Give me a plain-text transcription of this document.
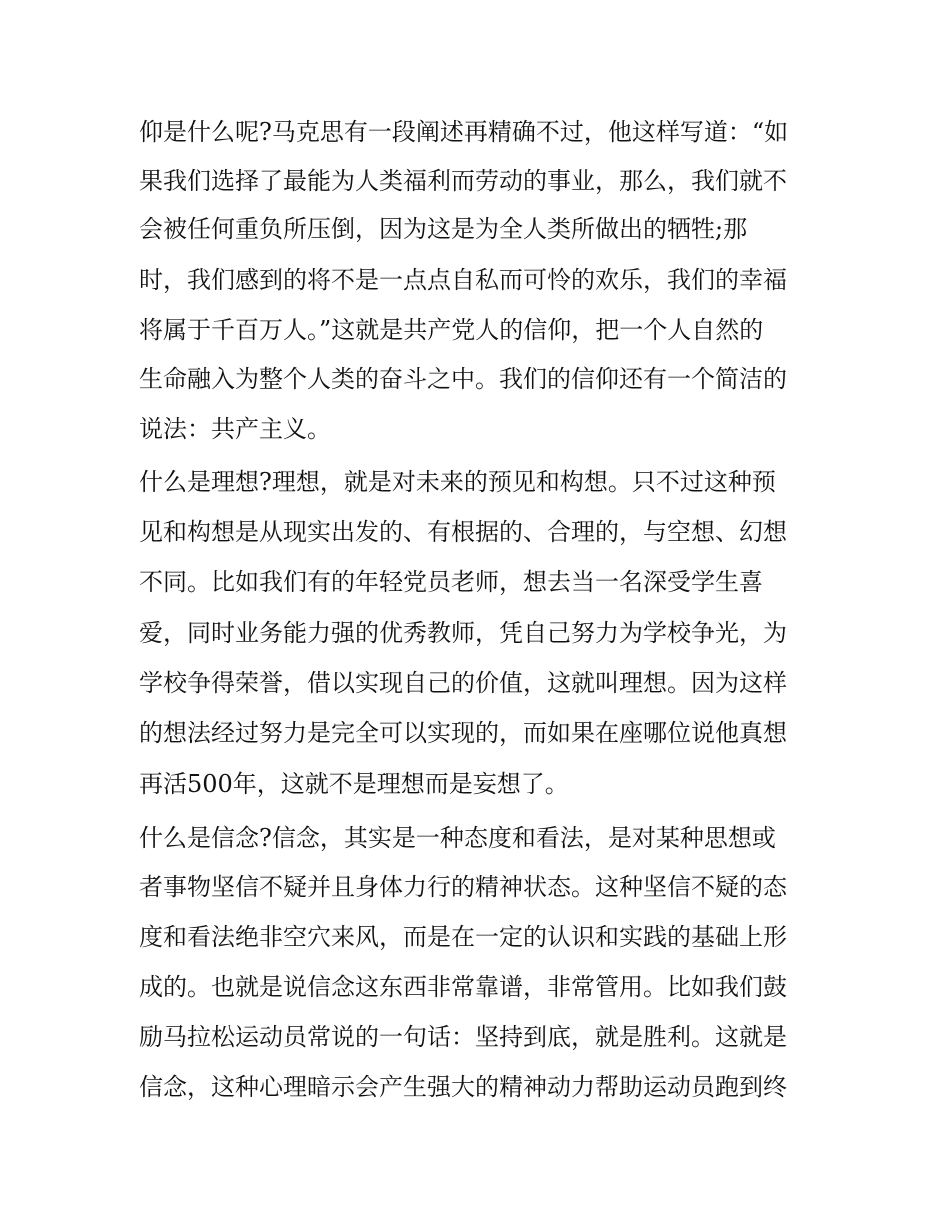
仰是什么呢?马克思有一段阐述再精确不过，他这样写道：“如

果我们选择了最能为人类福利而劳动的事业，那么，我们就不

会被任何重负所压倒，因为这是为全人类所做出的牺牲;那

时，我们感到的将不是一点点自私而可怜的欢乐，我们的幸福

将属于千百万人。”这就是共产党人的信仰，把一个人自然的

生命融入为整个人类的奋斗之中。我们的信仰还有一个简洁的

说法：共产主义。

什么是理想?理想，就是对未来的预见和构想。只不过这种预

见和构想是从现实出发的、有根据的、合理的，与空想、幻想

不同。比如我们有的年轻党员老师，想去当一名深受学生喜

爱，同时业务能力强的优秀教师，凭自己努力为学校争光，为

学校争得荣誉，借以实现自己的价值，这就叫理想。因为这样

的想法经过努力是完全可以实现的，而如果在座哪位说他真想

再活500年，这就不是理想而是妄想了。

什么是信念?信念，其实是一种态度和看法，是对某种思想或

者事物坚信不疑并且身体力行的精神状态。这种坚信不疑的态

度和看法绝非空穴来风，而是在一定的认识和实践的基础上形

成的。也就是说信念这东西非常靠谱，非常管用。比如我们鼓

励马拉松运动员常说的一句话：坚持到底，就是胜利。这就是

信念，这种心理暗示会产生强大的精神动力帮助运动员跑到终
